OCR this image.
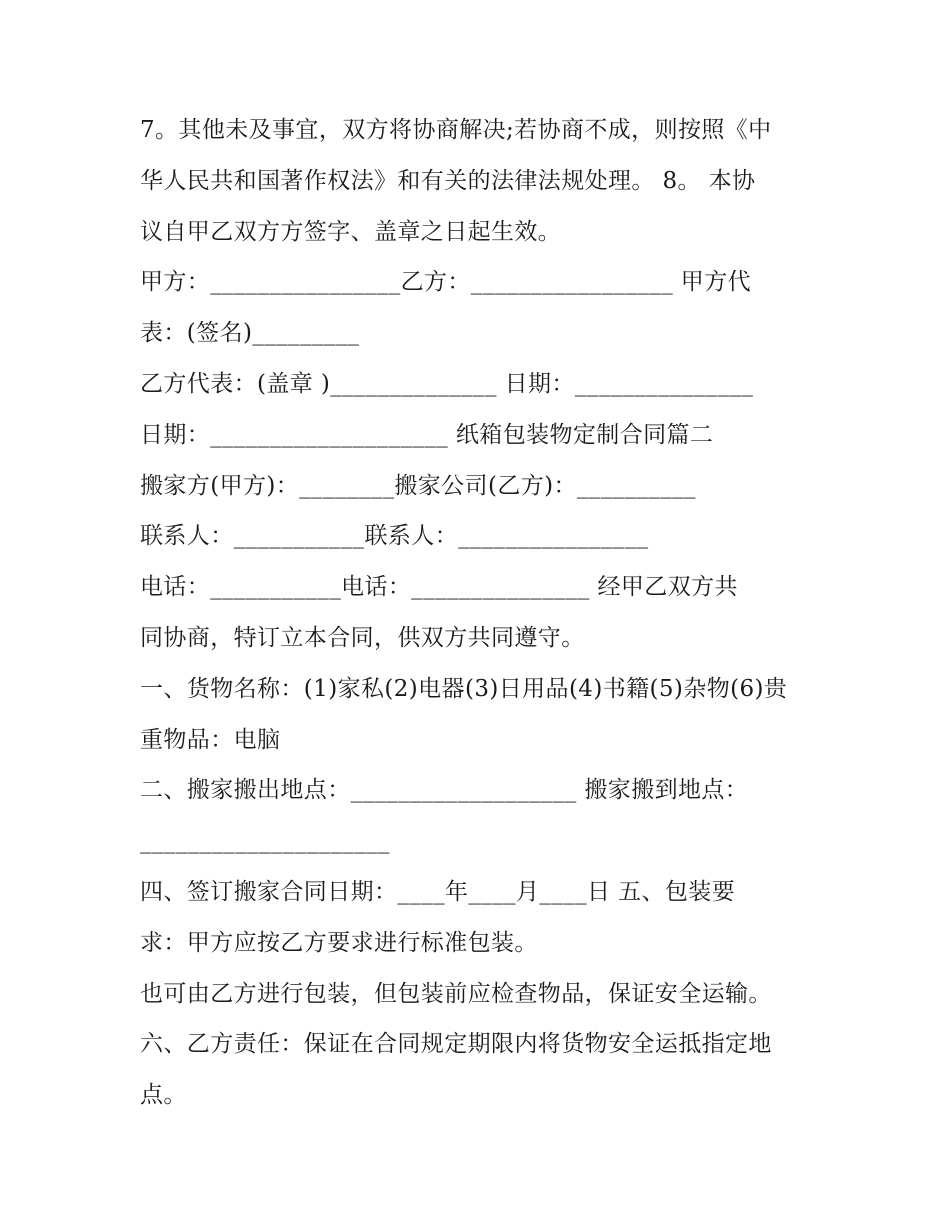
7。其他未及事宜，双方将协商解决;若协商不成，则按照《中
华人民共和国著作权法》和有关的法律法规处理。 8。 本协
议自甲乙双方方签字、盖章之日起生效。
甲方：________________乙方：_________________ 甲方代
表：(签名)_________
乙方代表：(盖章 )______________ 日期：_______________
日期：____________________ 纸箱包装物定制合同篇二
搬家方(甲方)：________搬家公司(乙方)：__________
联系人：___________联系人：________________
电话：___________电话：_______________ 经甲乙双方共
同协商，特订立本合同，供双方共同遵守。
一、货物名称：(1)家私(2)电器(3)日用品(4)书籍(5)杂物(6)贵
重物品：电脑
二、搬家搬出地点：___________________ 搬家搬到地点：
_____________________
四、签订搬家合同日期：____年____月____日 五、包装要
求：甲方应按乙方要求进行标准包装。
也可由乙方进行包装，但包装前应检查物品，保证安全运输。
六、乙方责任：保证在合同规定期限内将货物安全运抵指定地
点。
